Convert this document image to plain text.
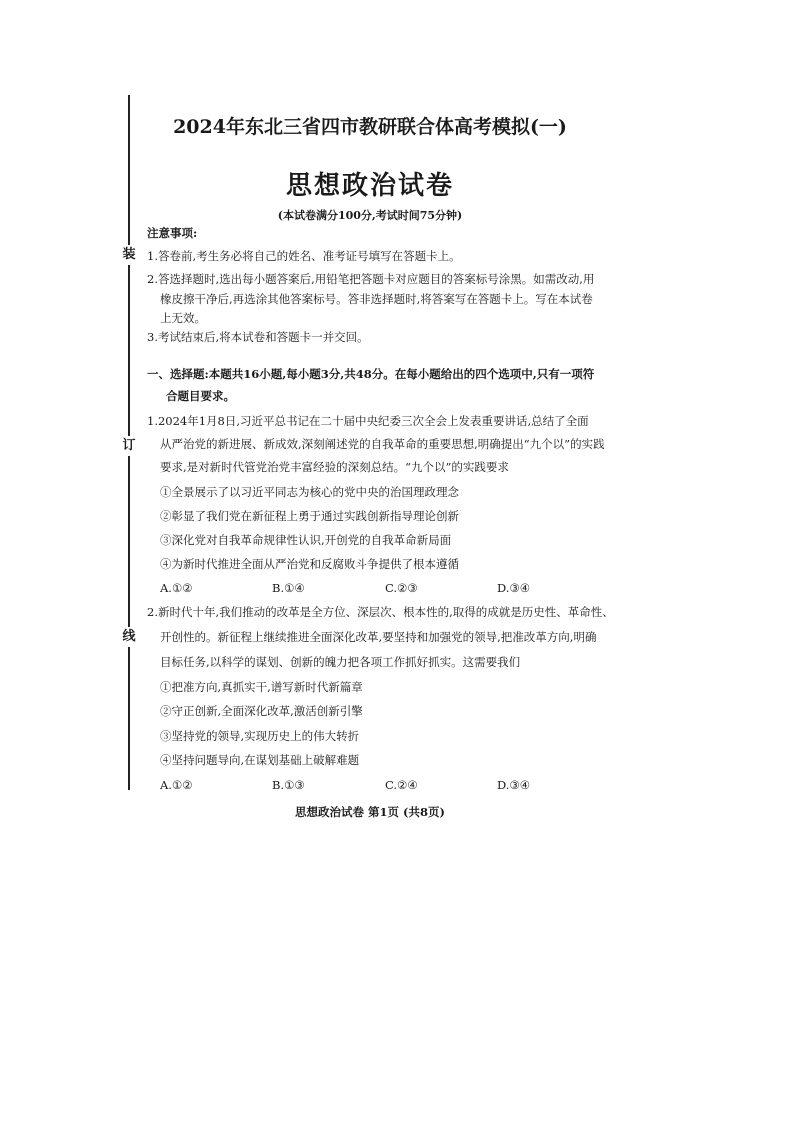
装
订
线
2024年东北三省四市教研联合体高考模拟(一)
思想政治试卷
(本试卷满分100分,考试时间75分钟)
注意事项:
1.答卷前,考生务必将自己的姓名、准考证号填写在答题卡上。
2.答选择题时,选出每小题答案后,用铅笔把答题卡对应题目的答案标号涂黑。如需改动,用
橡皮擦干净后,再选涂其他答案标号。答非选择题时,将答案写在答题卡上。写在本试卷
上无效。
3.考试结束后,将本试卷和答题卡一并交回。
一、选择题:本题共16小题,每小题3分,共48分。在每小题给出的四个选项中,只有一项符
合题目要求。
1.2024年1月8日,习近平总书记在二十届中央纪委三次全会上发表重要讲话,总结了全面
从严治党的新进展、新成效,深刻阐述党的自我革命的重要思想,明确提出“九个以”的实践
要求,是对新时代管党治党丰富经验的深刻总结。“九个以”的实践要求
①全景展示了以习近平同志为核心的党中央的治国理政理念
②彰显了我们党在新征程上勇于通过实践创新指导理论创新
③深化党对自我革命规律性认识,开创党的自我革命新局面
④为新时代推进全面从严治党和反腐败斗争提供了根本遵循
A.①②	B.①④	C.②③	D.③④
2.新时代十年,我们推动的改革是全方位、深层次、根本性的,取得的成就是历史性、革命性、
开创性的。新征程上继续推进全面深化改革,要坚持和加强党的领导,把准改革方向,明确
目标任务,以科学的谋划、创新的魄力把各项工作抓好抓实。这需要我们
①把准方向,真抓实干,谱写新时代新篇章
②守正创新,全面深化改革,激活创新引擎
③坚持党的领导,实现历史上的伟大转折
④坚持问题导向,在谋划基础上破解难题
A.①②	B.①③	C.②④	D.③④
思想政治试卷 第1页 (共8页)
